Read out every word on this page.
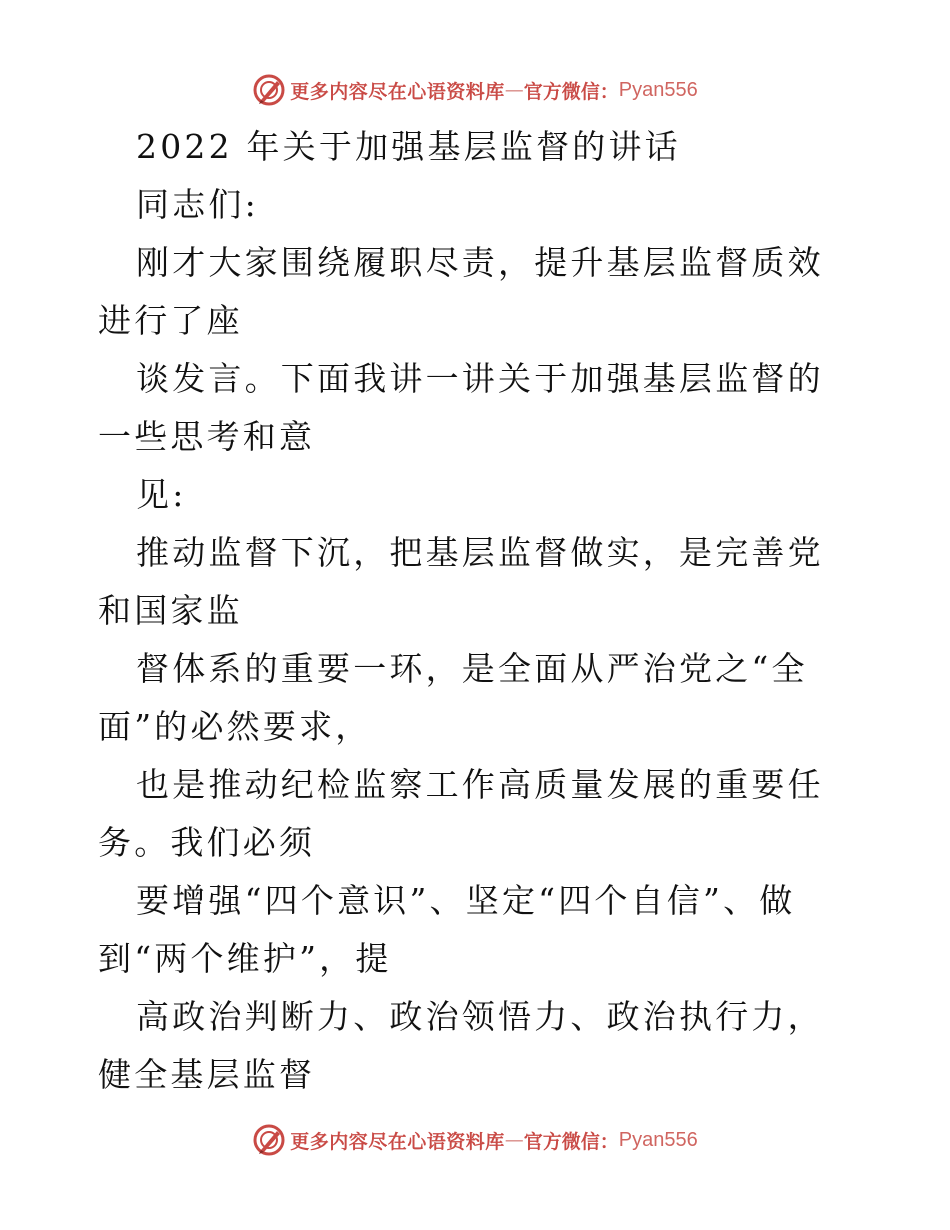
更多内容尽在心语资料库 — 官方微信： Pyan556

2022 年关于加强基层监督的讲话

同志们:

刚才大家围绕履职尽责，提升基层监督质效进行了座

谈发言。下面我讲一讲关于加强基层监督的一些思考和意

见:

推动监督下沉，把基层监督做实，是完善党和国家监

督体系的重要一环，是全面从严治党之“全面”的必然要求，

也是推动纪检监察工作高质量发展的重要任务。我们必须

要增强“四个意识”、坚定“四个自信”、做到“两个维护”，提

高政治判断力、政治领悟力、政治执行力，健全基层监督

更多内容尽在心语资料库 — 官方微信： Pyan556
